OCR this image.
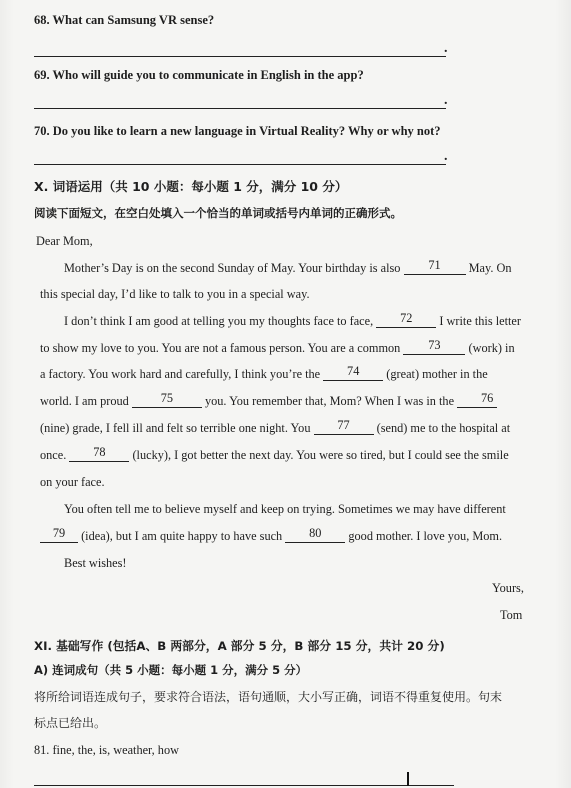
68. What can Samsung VR sense?
.
69. Who will guide you to communicate in English in the app?
.
70. Do you like to learn a new language in Virtual Reality? Why or why not?
.
X. 词语运用（共 10 小题：每小题 1 分，满分 10 分）
阅读下面短文，在空白处填入一个恰当的单词或括号内单词的正确形式。
Dear Mom,
Mother’s Day is on the second Sunday of May. Your birthday is also 71 May. On
this special day, I’d like to talk to you in a special way.
I don’t think I am good at telling you my thoughts face to face, 72 I write this letter
to show my love to you. You are not a famous person. You are a common 73 (work) in
a factory. You work hard and carefully, I think you’re the 74 (great) mother in the
world. I am proud	75	you. You remember that, Mom? When I was in the 76
(nine) grade, I fell ill and felt so terrible one night. You 77 (send) me to the hospital at
once. 78 (lucky), I got better the next day. You were so tired, but I could see the smile
on your face.
You often tell me to believe myself and keep on trying. Sometimes we may have different
79 (idea), but I am quite happy to have such 80 good mother. I love you, Mom.
Best wishes!
Yours,
Tom
XI. 基础写作 (包括A、B 两部分，A 部分 5 分，B 部分 15 分，共计 20 分)
A) 连词成句（共 5 小题：每小题 1 分，满分 5 分）
将所给词语连成句子，要求符合语法，语句通顺，大小写正确，词语不得重复使用。句末
标点已给出。
81. fine, the, is, weather, how
